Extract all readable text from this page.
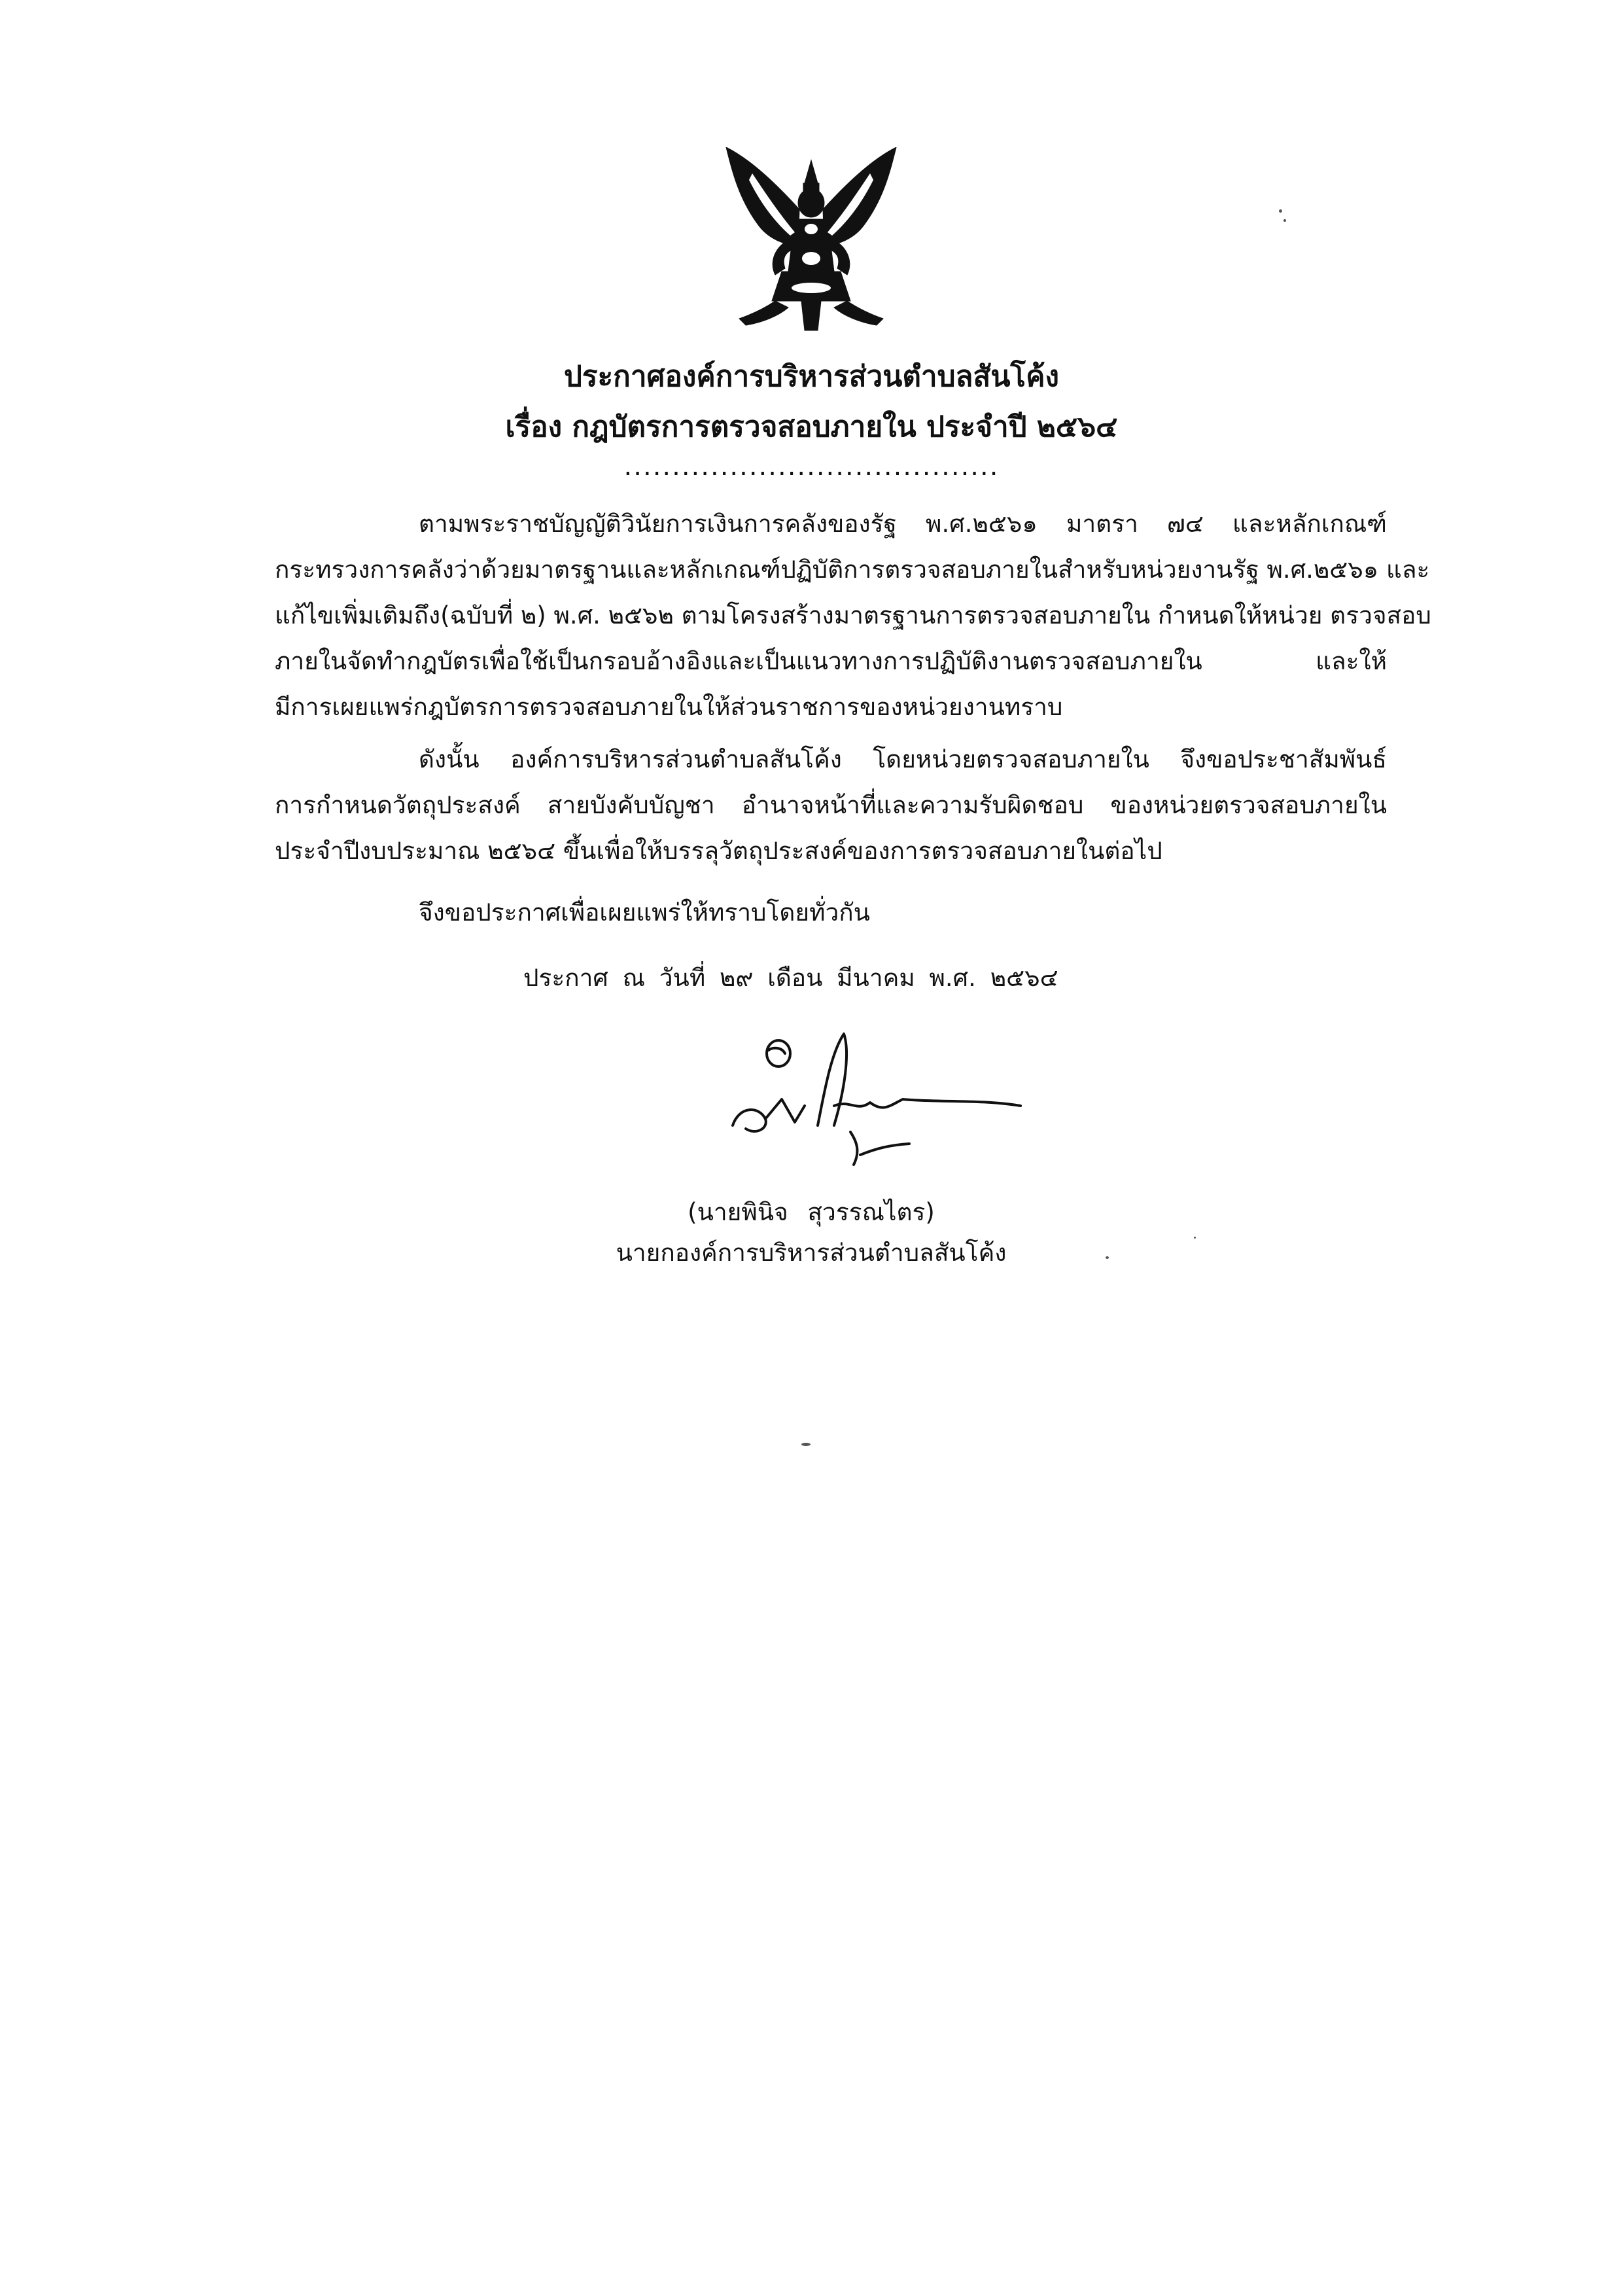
ประกาศองค์การบริหารส่วนตำบลสันโค้ง
เรื่อง กฎบัตรการตรวจสอบภายใน ประจำปี ๒๕๖๔
.......................................
ตามพระราชบัญญัติวินัยการเงินการคลังของรัฐ พ.ศ.๒๕๖๑ มาตรา ๗๔ และหลักเกณฑ์
กระทรวงการคลังว่าด้วยมาตรฐานและหลักเกณฑ์ปฏิบัติการตรวจสอบภายในสำหรับหน่วยงานรัฐ พ.ศ.๒๕๖๑ และ
แก้ไขเพิ่มเติมถึง(ฉบับที่ ๒) พ.ศ. ๒๕๖๒ ตามโครงสร้างมาตรฐานการตรวจสอบภายใน กำหนดให้หน่วย ตรวจสอบ
ภายในจัดทำกฎบัตรเพื่อใช้เป็นกรอบอ้างอิงและเป็นแนวทางการปฏิบัติงานตรวจสอบภายใน และให้
มีการเผยแพร่กฎบัตรการตรวจสอบภายในให้ส่วนราชการของหน่วยงานทราบ
ดังนั้น องค์การบริหารส่วนตำบลสันโค้ง โดยหน่วยตรวจสอบภายใน จึงขอประชาสัมพันธ์
การกำหนดวัตถุประสงค์ สายบังคับบัญชา อำนาจหน้าที่และความรับผิดชอบ ของหน่วยตรวจสอบภายใน
ประจำปีงบประมาณ ๒๕๖๔ ขึ้นเพื่อให้บรรลุวัตถุประสงค์ของการตรวจสอบภายในต่อไป
จึงขอประกาศเพื่อเผยแพร่ให้ทราบโดยทั่วกัน
ประกาศ ณ วันที่ ๒๙ เดือน มีนาคม พ.ศ. ๒๕๖๔
(นายพินิจ สุวรรณไตร)
นายกองค์การบริหารส่วนตำบลสันโค้ง
